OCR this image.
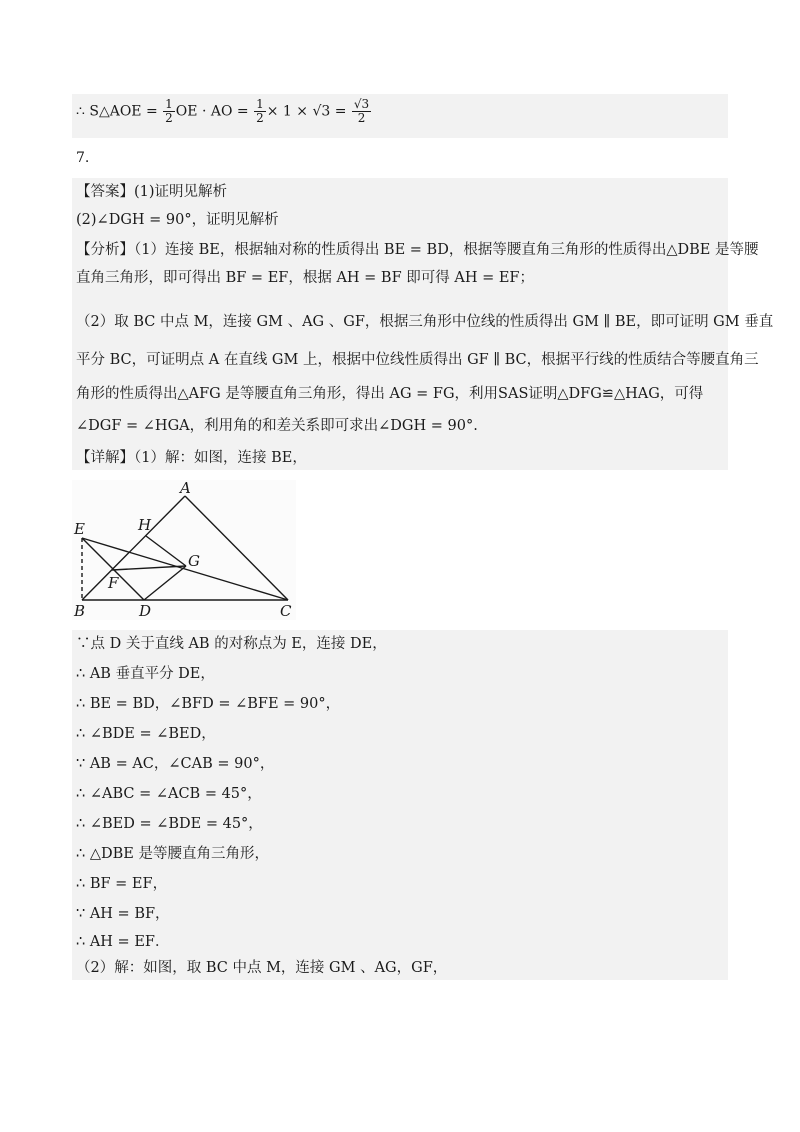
∴ S△AOE = $\frac{1}{2}$ OE · AO = $\frac{1}{2} \times 1 \times √3 = \frac{√3}{2}$
7.
【答案】(1)证明见解析
(2)∠DGH = 90°，证明见解析
【分析】（1）连接 BE，根据轴对称的性质得出 BE = BD，根据等腰直角三角形的性质得出△DBE 是等腰
直角三角形，即可得出 BF = EF，根据 AH = BF 即可得 AH = EF；
（2）取 BC 中点 M，连接 GM 、AG 、GF，根据三角形中位线的性质得出 GM ∥ BE，即可证明 GM 垂直
平分 BC，可证明点 A 在直线 GM 上，根据中位线性质得出 GF ∥ BC，根据平行线的性质结合等腰直角三
角形的性质得出△AFG 是等腰直角三角形，得出 AG = FG，利用SAS证明△DFG≌△HAG，可得
∠DGF = ∠HGA，利用角的和差关系即可求出∠DGH = 90°.
【详解】（1）解：如图，连接 BE，
A
H
E
G
F
B	D	C
∵点 D 关于直线 AB 的对称点为 E，连接 DE，
∴ AB 垂直平分 DE，
∴ BE = BD，∠BFD = ∠BFE = 90°，
∴ ∠BDE = ∠BED，
∵ AB = AC，∠CAB = 90°，
∴ ∠ABC = ∠ACB = 45°，
∴ ∠BED = ∠BDE = 45°，
∴ △DBE 是等腰直角三角形，
∴ BF = EF，
∵ AH = BF，
∴ AH = EF．
（2）解：如图，取 BC 中点 M，连接 GM 、AG，GF，
